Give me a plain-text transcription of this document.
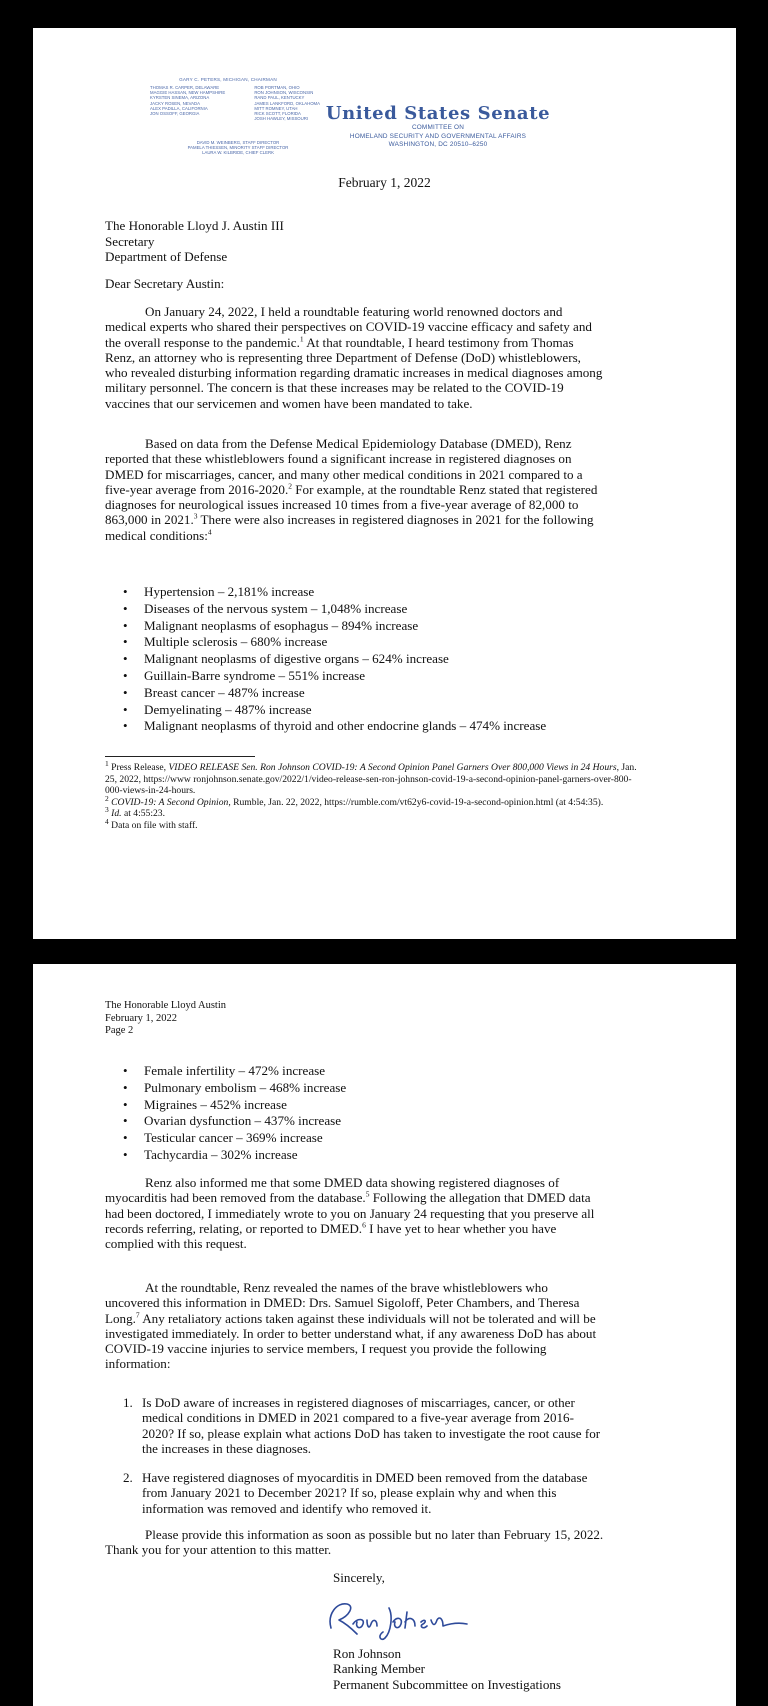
GARY C. PETERS, MICHIGAN, CHAIRMAN
THOMAS R. CARPER, DELAWARE
MAGGIE HASSAN, NEW HAMPSHIRE
KYRSTEN SINEMA, ARIZONA
JACKY ROSEN, NEVADA
ALEX PADILLA, CALIFORNIA
JON OSSOFF, GEORGIA
ROB PORTMAN, OHIO
RON JOHNSON, WISCONSIN
RAND PAUL, KENTUCKY
JAMES LANKFORD, OKLAHOMA
MITT ROMNEY, UTAH
RICK SCOTT, FLORIDA
JOSH HAWLEY, MISSOURI
DAVID M. WEINBERG, STAFF DIRECTOR
PAMELA THIESSEN, MINORITY STAFF DIRECTOR
LAURA W. KILBRIDE, CHIEF CLERK
United States Senate
COMMITTEE ON
HOMELAND SECURITY AND GOVERNMENTAL AFFAIRS
WASHINGTON, DC 20510–6250
February 1, 2022
The Honorable Lloyd J. Austin III
Secretary
Department of Defense
Dear Secretary Austin:

On January 24, 2022, I held a roundtable featuring world renowned doctors and medical experts who shared their perspectives on COVID-19 vaccine efficacy and safety and the overall response to the pandemic.$^1$ At that roundtable, I heard testimony from Thomas Renz, an attorney who is representing three Department of Defense (DoD) whistleblowers, who revealed disturbing information regarding dramatic increases in medical diagnoses among military personnel. The concern is that these increases may be related to the COVID-19 vaccines that our servicemen and women have been mandated to take.

Based on data from the Defense Medical Epidemiology Database (DMED), Renz reported that these whistleblowers found a significant increase in registered diagnoses on DMED for miscarriages, cancer, and many other medical conditions in 2021 compared to a five-year average from 2016-2020.$^2$ For example, at the roundtable Renz stated that registered diagnoses for neurological issues increased 10 times from a five-year average of 82,000 to 863,000 in 2021.$^3$ There were also increases in registered diagnoses in 2021 for the following medical conditions:$^4$

• Hypertension – 2,181% increase
• Diseases of the nervous system – 1,048% increase
• Malignant neoplasms of esophagus – 894% increase
• Multiple sclerosis – 680% increase
• Malignant neoplasms of digestive organs – 624% increase
• Guillain-Barre syndrome – 551% increase
• Breast cancer – 487% increase
• Demyelinating – 487% increase
• Malignant neoplasms of thyroid and other endocrine glands – 474% increase

$^1$ Press Release, VIDEO RELEASE Sen. Ron Johnson COVID-19: A Second Opinion Panel Garners Over 800,000 Views in 24 Hours, Jan. 25, 2022, https://www ronjohnson.senate.gov/2022/1/video-release-sen-ron-johnson-covid-19-a-second-opinion-panel-garners-over-800-000-views-in-24-hours.

$^2$ COVID-19: A Second Opinion, Rumble, Jan. 22, 2022, https://rumble.com/vt62y6-covid-19-a-second-opinion.html (at 4:54:35).

$^3$ Id. at 4:55:23.

$^4$ Data on file with staff.

The Honorable Lloyd Austin
February 1, 2022
Page 2
• Female infertility – 472% increase
• Pulmonary embolism – 468% increase
• Migraines – 452% increase
• Ovarian dysfunction – 437% increase
• Testicular cancer – 369% increase
• Tachycardia – 302% increase

Renz also informed me that some DMED data showing registered diagnoses of myocarditis had been removed from the database.$^5$ Following the allegation that DMED data had been doctored, I immediately wrote to you on January 24 requesting that you preserve all records referring, relating, or reported to DMED.$^6$ I have yet to hear whether you have complied with this request.

At the roundtable, Renz revealed the names of the brave whistleblowers who uncovered this information in DMED: Drs. Samuel Sigoloff, Peter Chambers, and Theresa Long.$^7$ Any retaliatory actions taken against these individuals will not be tolerated and will be investigated immediately. In order to better understand what, if any awareness DoD has about COVID-19 vaccine injuries to service members, I request you provide the following information:

1. Is DoD aware of increases in registered diagnoses of miscarriages, cancer, or other medical conditions in DMED in 2021 compared to a five-year average from 2016-2020? If so, please explain what actions DoD has taken to investigate the root cause for the increases in these diagnoses.
2. Have registered diagnoses of myocarditis in DMED been removed from the database from January 2021 to December 2021? If so, please explain why and when this information was removed and identify who removed it.

Please provide this information as soon as possible but no later than February 15, 2022. Thank you for your attention to this matter.

Sincerely,
Ron Johnson
Ranking Member
Permanent Subcommittee on Investigations
